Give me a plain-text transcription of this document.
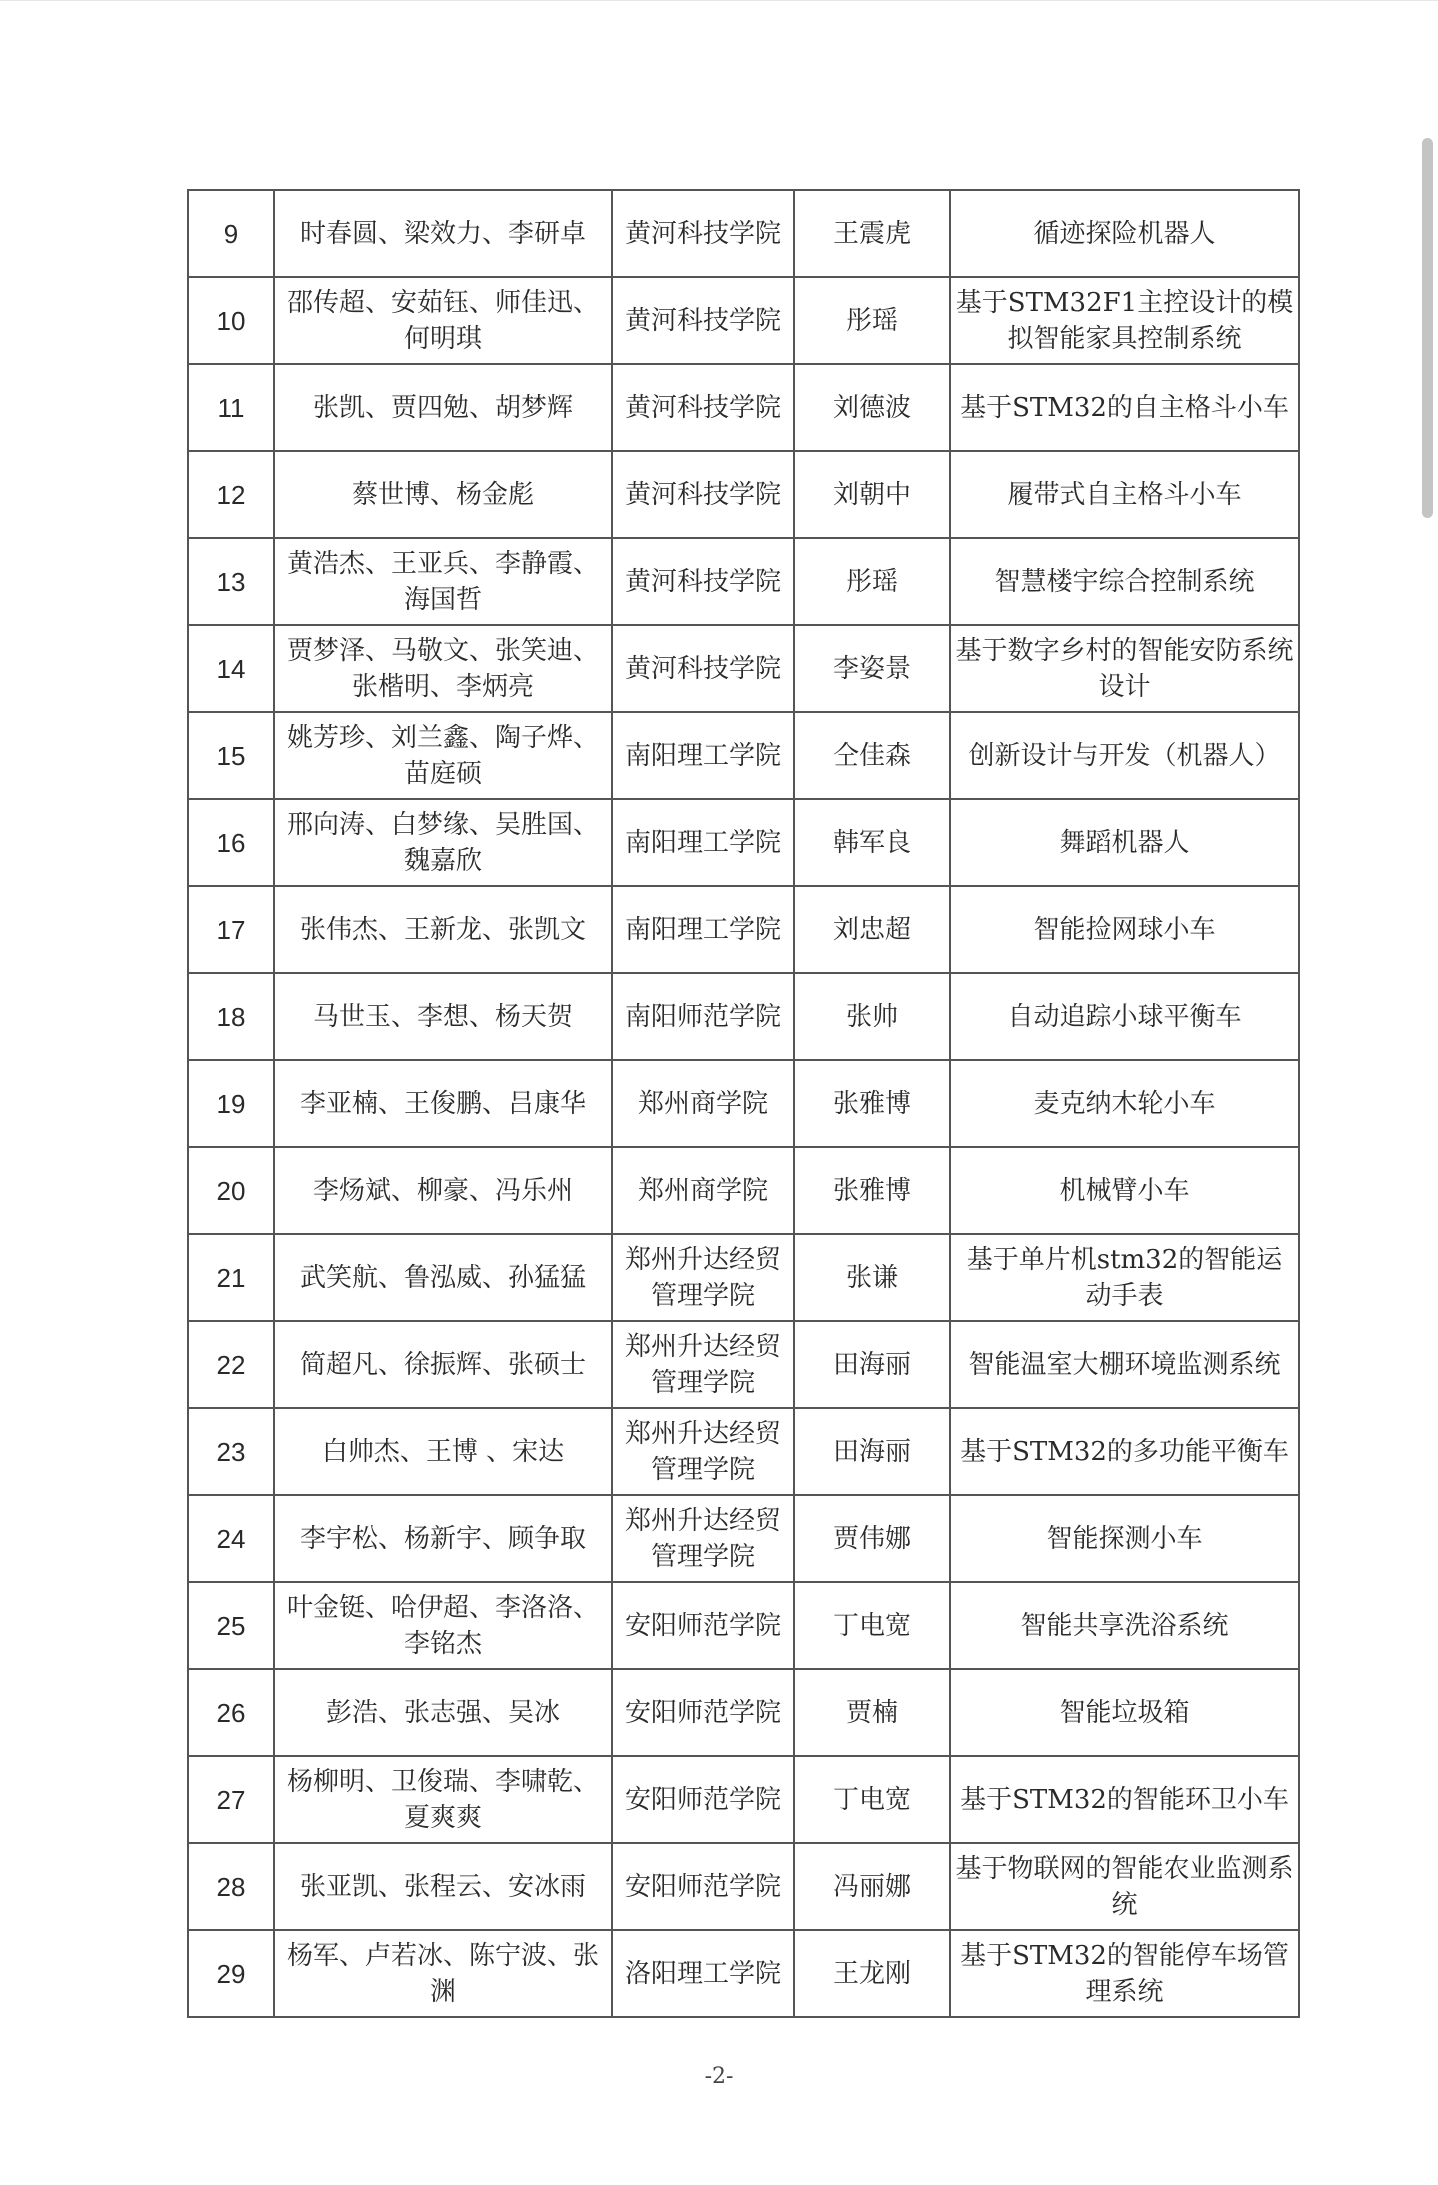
9	时春圆、梁效力、李研卓	黄河科技学院	王震虎	循迹探险机器人
10	邵传超、安茹钰、师佳迅、何明琪	黄河科技学院	彤瑶	基于STM32F1主控设计的模拟智能家具控制系统
11	张凯、贾四勉、胡梦辉	黄河科技学院	刘德波	基于STM32的自主格斗小车
12	蔡世博、杨金彪	黄河科技学院	刘朝中	履带式自主格斗小车
13	黄浩杰、王亚兵、李静霞、海国哲	黄河科技学院	彤瑶	智慧楼宇综合控制系统
14	贾梦泽、马敬文、张笑迪、张楷明、李炳亮	黄河科技学院	李姿景	基于数字乡村的智能安防系统设计
15	姚芳珍、刘兰鑫、陶子烨、苗庭硕	南阳理工学院	仝佳森	创新设计与开发（机器人）
16	邢向涛、白梦缘、吴胜国、魏嘉欣	南阳理工学院	韩军良	舞蹈机器人
17	张伟杰、王新龙、张凯文	南阳理工学院	刘忠超	智能捡网球小车
18	马世玉、李想、杨天贺	南阳师范学院	张帅	自动追踪小球平衡车
19	李亚楠、王俊鹏、吕康华	郑州商学院	张雅博	麦克纳木轮小车
20	李炀斌、柳豪、冯乐州	郑州商学院	张雅博	机械臂小车
21	武笑航、鲁泓威、孙猛猛	郑州升达经贸管理学院	张谦	基于单片机stm32的智能运动手表
22	简超凡、徐振辉、张硕士	郑州升达经贸管理学院	田海丽	智能温室大棚环境监测系统
23	白帅杰、王博 、宋达	郑州升达经贸管理学院	田海丽	基于STM32的多功能平衡车
24	李宇松、杨新宇、顾争取	郑州升达经贸管理学院	贾伟娜	智能探测小车
25	叶金铤、哈伊超、李洛洛、李铭杰	安阳师范学院	丁电宽	智能共享洗浴系统
26	彭浩、张志强、吴冰	安阳师范学院	贾楠	智能垃圾箱
27	杨柳明、卫俊瑞、李啸乾、夏爽爽	安阳师范学院	丁电宽	基于STM32的智能环卫小车
28	张亚凯、张程云、安冰雨	安阳师范学院	冯丽娜	基于物联网的智能农业监测系统
29	杨军、卢若冰、陈宁波、张渊	洛阳理工学院	王龙刚	基于STM32的智能停车场管理系统
-2-
